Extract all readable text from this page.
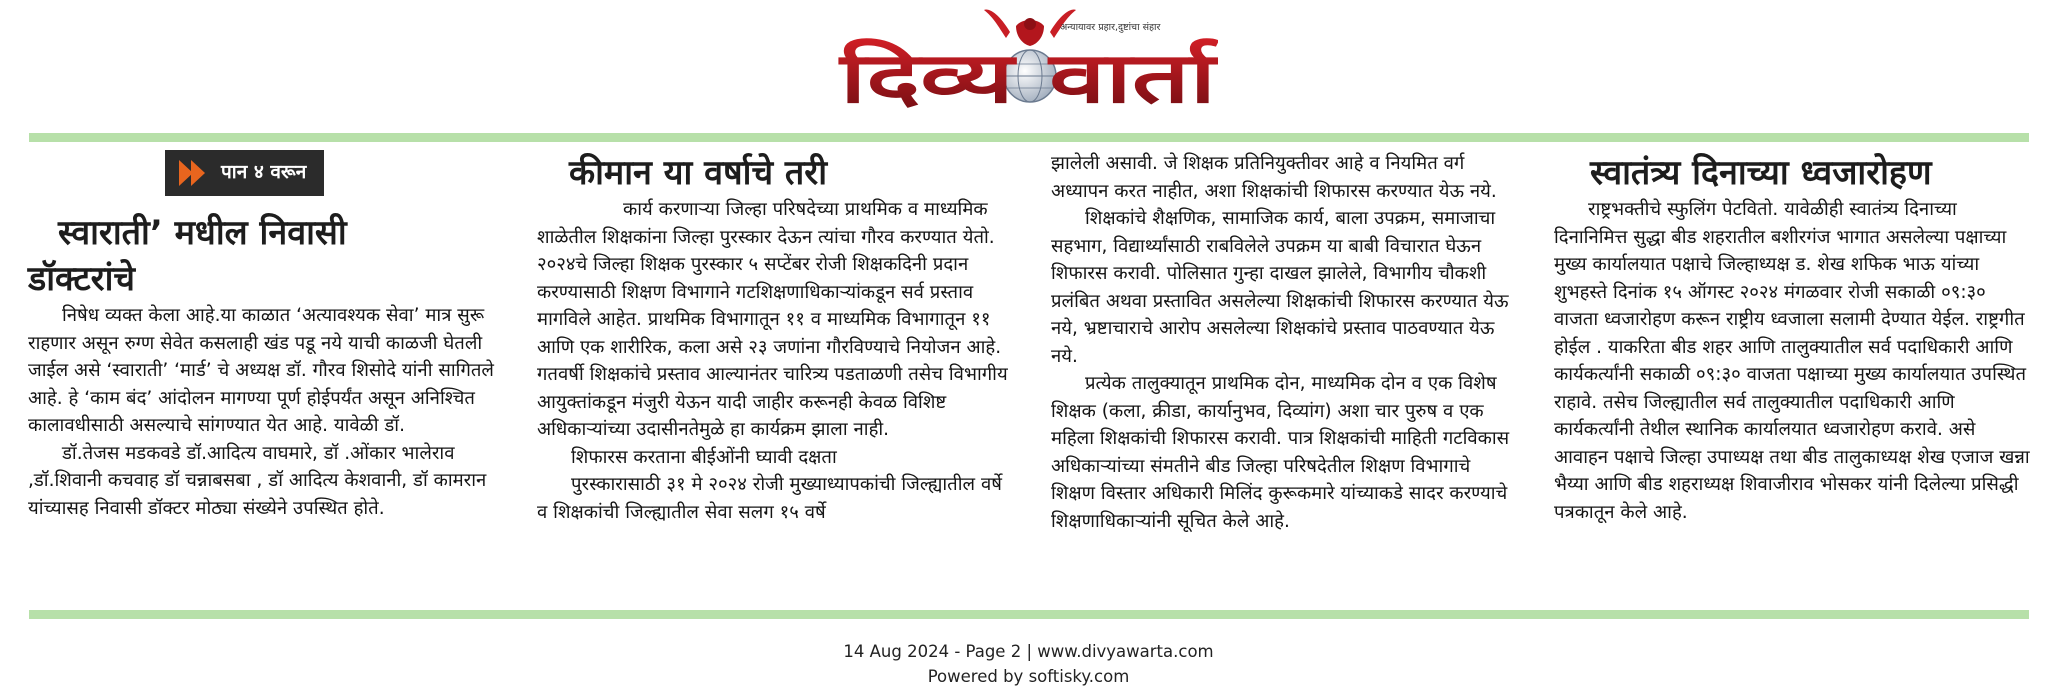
दिव्य वार्ता
अन्यायावर प्रहार,दुष्टांचा संहार
पान ४ वरून
स्वाराती’ मधील निवासी
डॉक्टरांचे

निषेध व्यक्त केला आहे.या काळात ‘अत्यावश्यक सेवा’ मात्र सुरू राहणार असून रुग्ण सेवेत कसलाही खंड पडू नये याची काळजी घेतली जाईल असे ‘स्वाराती’ ‘मार्ड’ चे अध्यक्ष डॉ. गौरव शिसोदे यांनी सागितले आहे. हे ‘काम बंद’ आंदोलन मागण्या पूर्ण होईपर्यंत असून अनिश्चित कालावधीसाठी असल्याचे सांगण्यात येत आहे. यावेळी डॉ.

डॉ.तेजस मडकवडे डॉ.आदित्य वाघमारे, डॉ .ओंकार भालेराव ,डॉ.शिवानी कचवाह डॉ चन्नाबसबा , डॉ आदित्य केशवानी, डॉ कामरान यांच्यासह निवासी डॉक्टर मोठ्या संख्येने उपस्थित होते.

कीमान या वर्षाचे तरी

कार्य करणाऱ्या जिल्हा परिषदेच्या प्राथमिक व माध्यमिक शाळेतील शिक्षकांना जिल्हा पुरस्कार देऊन त्यांचा गौरव करण्यात येतो. २०२४चे जिल्हा शिक्षक पुरस्कार ५ सप्टेंबर रोजी शिक्षकदिनी प्रदान करण्यासाठी शिक्षण विभागाने गटशिक्षणाधिकाऱ्यांकडून सर्व प्रस्ताव मागविले आहेत. प्राथमिक विभागातून ११ व माध्यमिक विभागातून ११ आणि एक शारीरिक, कला असे २३ जणांना गौरविण्याचे नियोजन आहे. गतवर्षी शिक्षकांचे प्रस्ताव आल्यानंतर चारित्र्य पडताळणी तसेच विभागीय आयुक्तांकडून मंजुरी येऊन यादी जाहीर करूनही केवळ विशिष्ट अधिकाऱ्यांच्या उदासीनतेमुळे हा कार्यक्रम झाला नाही.

शिफारस करताना बीईओंनी घ्यावी दक्षता

पुरस्कारासाठी ३१ मे २०२४ रोजी मुख्याध्यापकांची जिल्ह्यातील वर्षे व शिक्षकांची जिल्ह्यातील सेवा सलग १५ वर्षे

झालेली असावी. जे शिक्षक प्रतिनियुक्तीवर आहे व नियमित वर्ग अध्यापन करत नाहीत, अशा शिक्षकांची शिफारस करण्यात येऊ नये.

शिक्षकांचे शैक्षणिक, सामाजिक कार्य, बाला उपक्रम, समाजाचा सहभाग, विद्यार्थ्यांसाठी राबविलेले उपक्रम या बाबी विचारात घेऊन शिफारस करावी. पोलिसात गुन्हा दाखल झालेले, विभागीय चौकशी प्रलंबित अथवा प्रस्तावित असलेल्या शिक्षकांची शिफारस करण्यात येऊ नये, भ्रष्टाचाराचे आरोप असलेल्या शिक्षकांचे प्रस्ताव पाठवण्यात येऊ नये.

प्रत्येक तालुक्यातून प्राथमिक दोन, माध्यमिक दोन व एक विशेष शिक्षक (कला, क्रीडा, कार्यानुभव, दिव्यांग) अशा चार पुरुष व एक महिला शिक्षकांची शिफारस करावी. पात्र शिक्षकांची माहिती गटविकास अधिकाऱ्यांच्या संमतीने बीड जिल्हा परिषदेतील शिक्षण विभागाचे शिक्षण विस्तार अधिकारी मिलिंद कुरूकमारे यांच्याकडे सादर करण्याचे शिक्षणाधिकाऱ्यांनी सूचित केले आहे.

स्वातंत्र्य दिनाच्या ध्वजारोहण

राष्ट्रभक्तीचे स्फुलिंग पेटवितो. यावेळीही स्वातंत्र्य दिनाच्या दिनानिमित्त सुद्धा बीड शहरातील बशीरगंज भागात असलेल्या पक्षाच्या मुख्य कार्यालयात पक्षाचे जिल्हाध्यक्ष ड. शेख शफिक भाऊ यांच्या शुभहस्ते दिनांक १५ ऑगस्ट २०२४ मंगळवार रोजी सकाळी ०९:३० वाजता ध्वजारोहण करून राष्ट्रीय ध्वजाला सलामी देण्यात येईल. राष्ट्रगीत होईल . याकरिता बीड शहर आणि तालुक्यातील सर्व पदाधिकारी आणि कार्यकर्त्यांनी सकाळी ०९:३० वाजता पक्षाच्या मुख्य कार्यालयात उपस्थित राहावे. तसेच जिल्ह्यातील सर्व तालुक्यातील पदाधिकारी आणि कार्यकर्त्यांनी तेथील स्थानिक कार्यालयात ध्वजारोहण करावे. असे आवाहन पक्षाचे जिल्हा उपाध्यक्ष तथा बीड तालुकाध्यक्ष शेख एजाज खन्ना भैय्या आणि बीड शहराध्यक्ष शिवाजीराव भोसकर यांनी दिलेल्या प्रसिद्धी पत्रकातून केले आहे.

14 Aug 2024 - Page 2 | www.divyawarta.com
Powered by softisky.com
